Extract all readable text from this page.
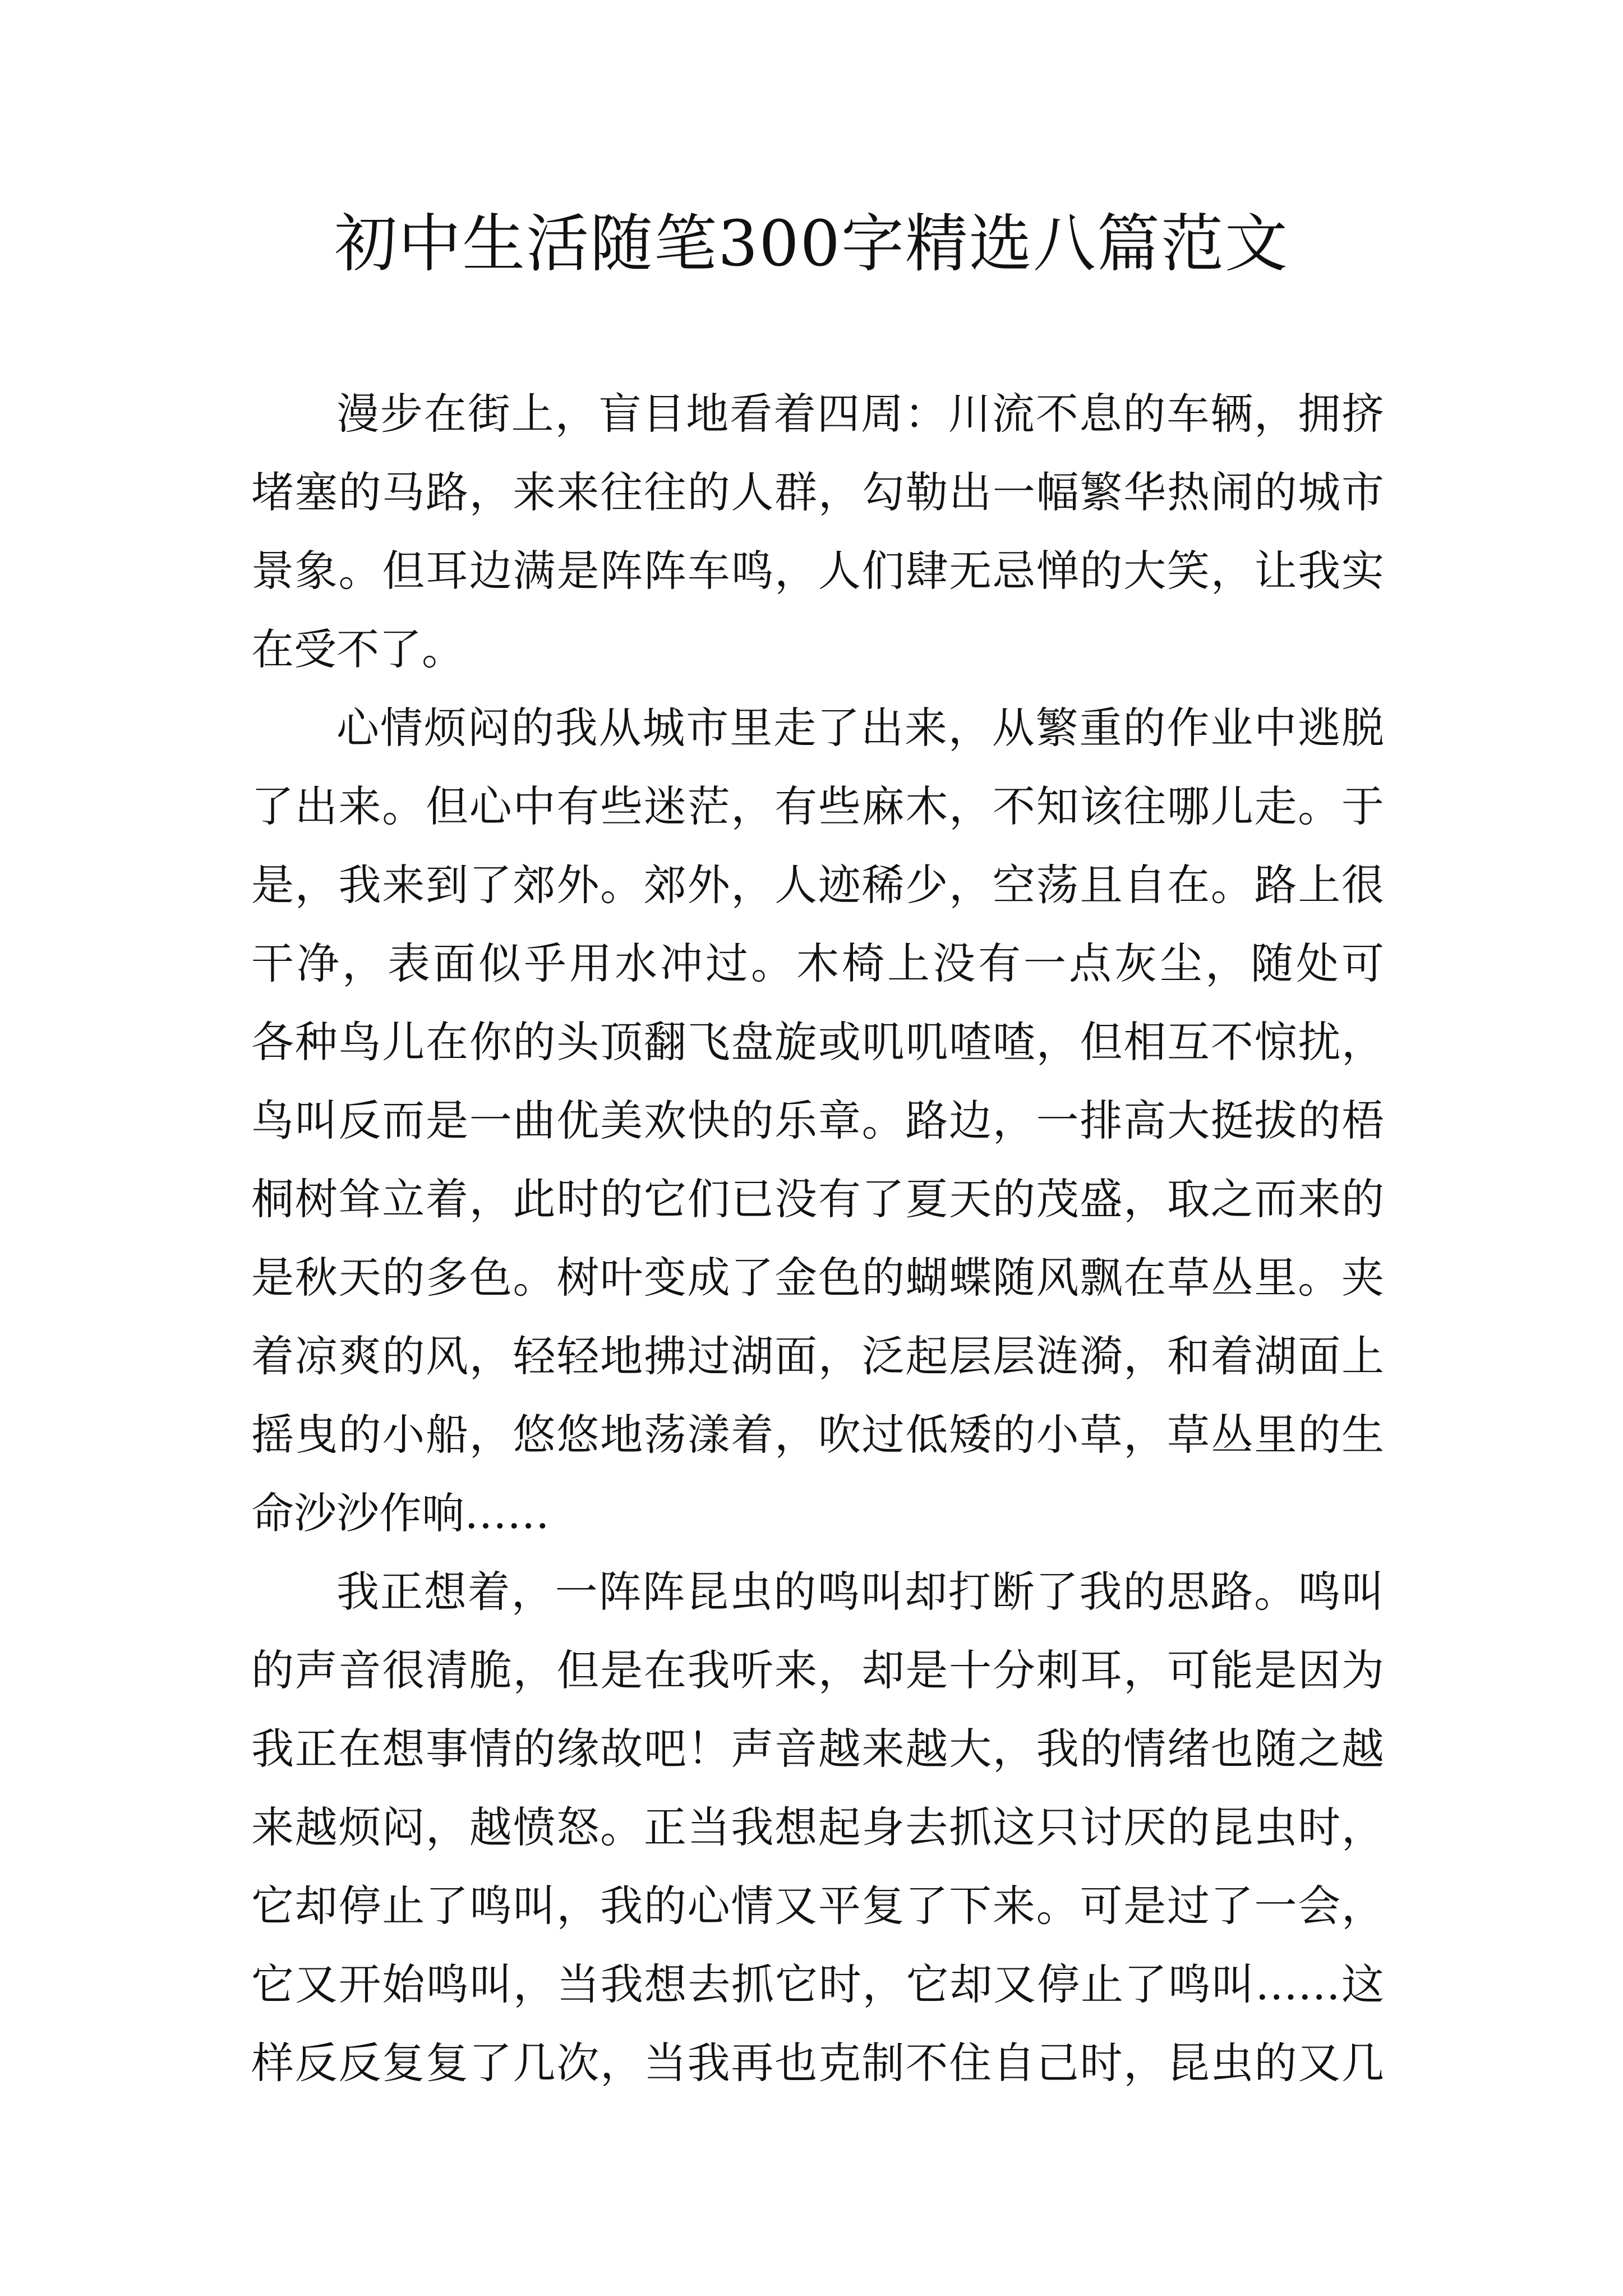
初中生活随笔300字精选八篇范文
漫步在街上，盲目地看着四周：川流不息的车辆，拥挤
堵塞的马路，来来往往的人群，勾勒出一幅繁华热闹的城市
景象。但耳边满是阵阵车鸣，人们肆无忌惮的大笑，让我实
在受不了。
心情烦闷的我从城市里走了出来，从繁重的作业中逃脱
了出来。但心中有些迷茫，有些麻木，不知该往哪儿走。于
是，我来到了郊外。郊外，人迹稀少，空荡且自在。路上很
干净，表面似乎用水冲过。木椅上没有一点灰尘，随处可
各种鸟儿在你的头顶翻飞盘旋或叽叽喳喳，但相互不惊扰，
鸟叫反而是一曲优美欢快的乐章。路边，一排高大挺拔的梧
桐树耸立着，此时的它们已没有了夏天的茂盛，取之而来的
是秋天的多色。树叶变成了金色的蝴蝶随风飘在草丛里。夹
着凉爽的风，轻轻地拂过湖面，泛起层层涟漪，和着湖面上
摇曳的小船，悠悠地荡漾着，吹过低矮的小草，草丛里的生
命沙沙作响……
我正想着，一阵阵昆虫的鸣叫却打断了我的思路。鸣叫
的声音很清脆，但是在我听来，却是十分刺耳，可能是因为
我正在想事情的缘故吧！声音越来越大，我的情绪也随之越
来越烦闷，越愤怒。正当我想起身去抓这只讨厌的昆虫时，
它却停止了鸣叫，我的心情又平复了下来。可是过了一会，
它又开始鸣叫，当我想去抓它时，它却又停止了鸣叫……这
样反反复复了几次，当我再也克制不住自己时，昆虫的又几
